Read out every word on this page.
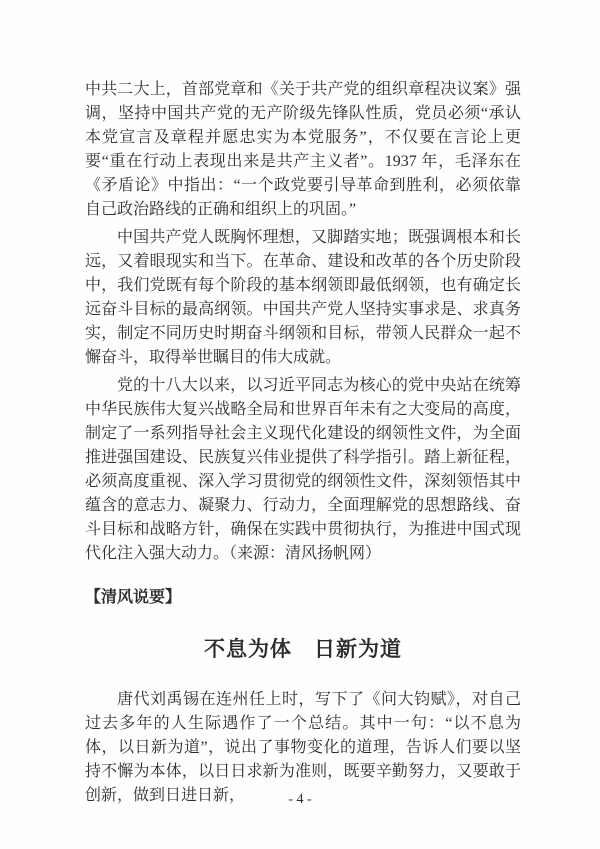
中共二大上，首部党章和《关于共产党的组织章程决议案》强调，坚持中国共产党的无产阶级先锋队性质，党员必须“承认本党宣言及章程并愿忠实为本党服务”，不仅要在言论上更要“重在行动上表现出来是共产主义者”。1937 年，毛泽东在《矛盾论》中指出：“一个政党要引导革命到胜利，必须依靠自己政治路线的正确和组织上的巩固。”

中国共产党人既胸怀理想，又脚踏实地；既强调根本和长远，又着眼现实和当下。在革命、建设和改革的各个历史阶段中，我们党既有每个阶段的基本纲领即最低纲领，也有确定长远奋斗目标的最高纲领。中国共产党人坚持实事求是、求真务实，制定不同历史时期奋斗纲领和目标，带领人民群众一起不懈奋斗，取得举世瞩目的伟大成就。

党的十八大以来，以习近平同志为核心的党中央站在统筹中华民族伟大复兴战略全局和世界百年未有之大变局的高度，制定了一系列指导社会主义现代化建设的纲领性文件，为全面推进强国建设、民族复兴伟业提供了科学指引。踏上新征程，必须高度重视、深入学习贯彻党的纲领性文件，深刻领悟其中蕴含的意志力、凝聚力、行动力，全面理解党的思想路线、奋斗目标和战略方针，确保在实践中贯彻执行，为推进中国式现代化注入强大动力。（来源：清风扬帆网）

【清风说要】
不息为体　日新为道

唐代刘禹锡在连州任上时，写下了《问大钧赋》，对自己过去多年的人生际遇作了一个总结。其中一句：“以不息为体，以日新为道”，说出了事物变化的道理，告诉人们要以坚持不懈为本体，以日日求新为准则，既要辛勤努力，又要敢于创新，做到日进日新，	- 4 -
